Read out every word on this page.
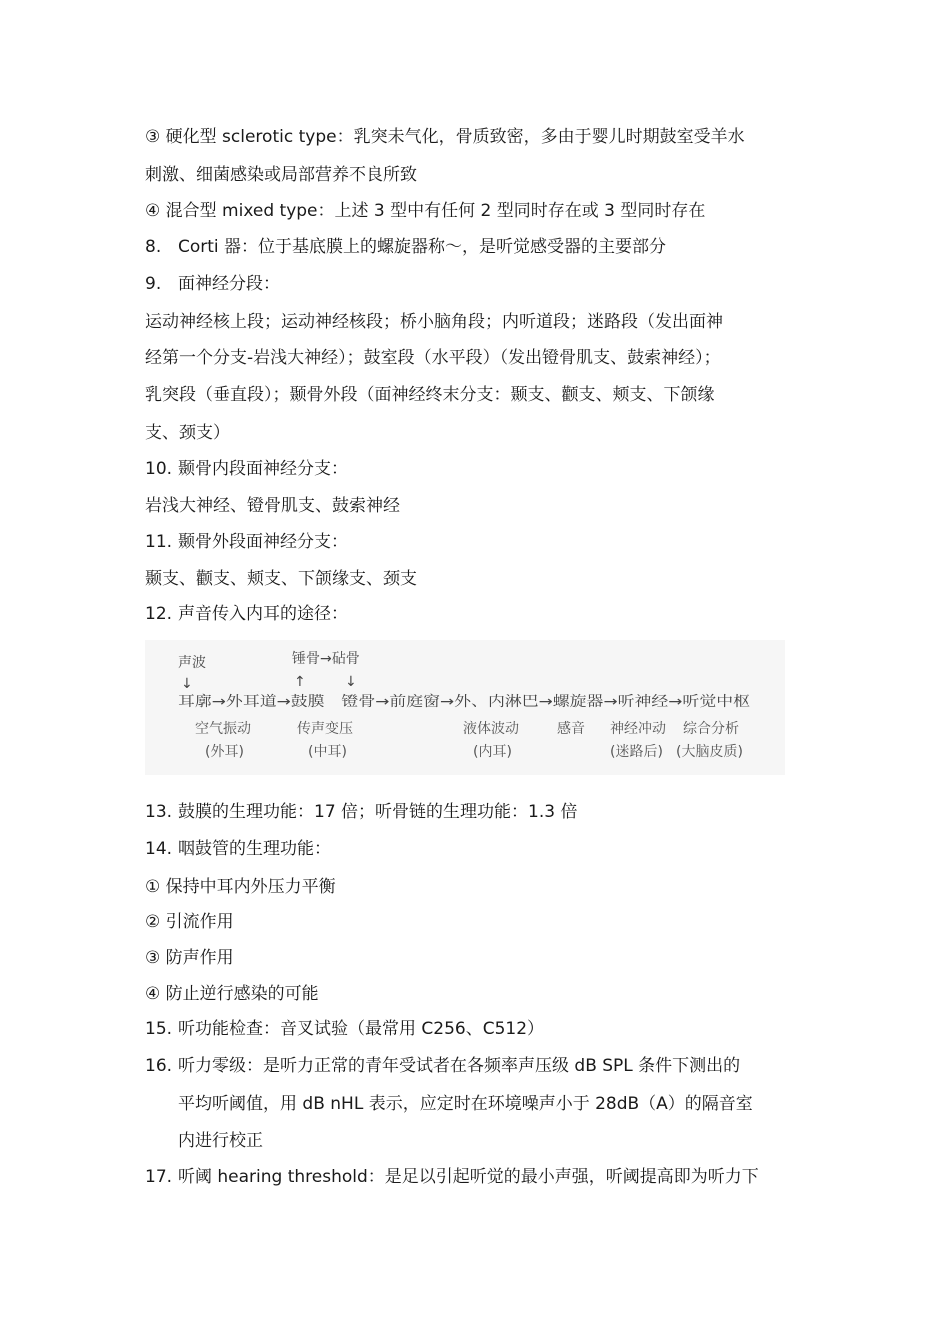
③ 硬化型 sclerotic type：乳突未气化，骨质致密，多由于婴儿时期鼓室受羊水
刺激、细菌感染或局部营养不良所致
④ 混合型 mixed type：上述 3 型中有任何 2 型同时存在或 3 型同时存在
8. Corti 器：位于基底膜上的螺旋器称～，是听觉感受器的主要部分
9. 面神经分段：
运动神经核上段；运动神经核段；桥小脑角段；内听道段；迷路段（发出面神
经第一个分支-岩浅大神经）；鼓室段（水平段）（发出镫骨肌支、鼓索神经）；
乳突段（垂直段）；颞骨外段（面神经终末分支：颞支、颧支、颊支、下颌缘
支、颈支）
10. 颞骨内段面神经分支：
岩浅大神经、镫骨肌支、鼓索神经
11. 颞骨外段面神经分支：
颞支、颧支、颊支、下颌缘支、颈支
12. 声音传入内耳的途径：
声波	锤骨→砧骨
↓	↑	↓
耳廓→外耳道→鼓膜　镫骨→前庭窗→外、内淋巴→螺旋器→听神经→听觉中枢
空气振动
(外耳)
传声变压
(中耳)
液体波动
(内耳)
感音 神经冲动
(迷路后)
综合分析
(大脑皮质)
13. 鼓膜的生理功能：17 倍；听骨链的生理功能：1.3 倍
14. 咽鼓管的生理功能：
① 保持中耳内外压力平衡
② 引流作用
③ 防声作用
④ 防止逆行感染的可能
15. 听功能检查：音叉试验（最常用 C256、C512）
16. 听力零级：是听力正常的青年受试者在各频率声压级 dB SPL 条件下测出的
平均听阈值，用 dB nHL 表示，应定时在环境噪声小于 28dB（A）的隔音室
内进行校正
17. 听阈 hearing threshold：是足以引起听觉的最小声强，听阈提高即为听力下
